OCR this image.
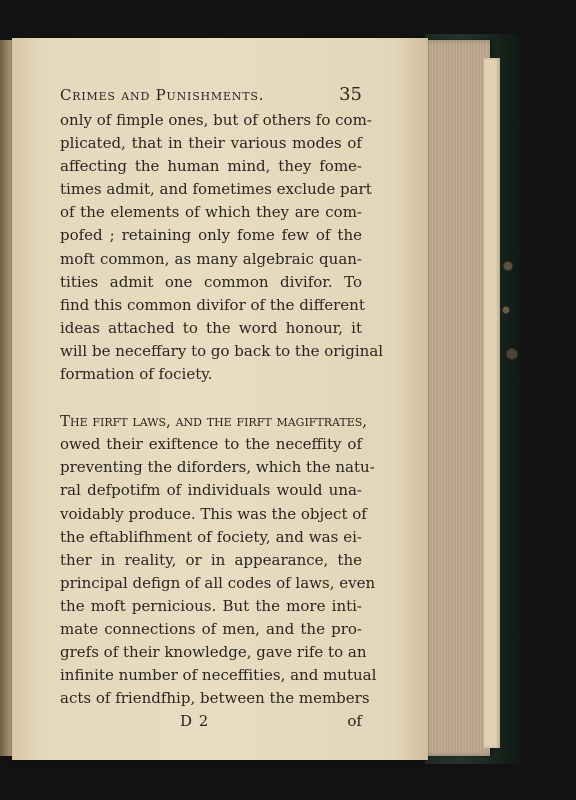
Crimes and Punishments.	35

only of fimple ones, but of others fo com-
plicated, that in their various modes of
affecting the human mind, they fome-
times admit, and fometimes exclude part
of the elements of which they are com-
pofed ; retaining only fome few of the
moft common, as many algebraic quan-
tities admit one common divifor. To
find this common divifor of the different
ideas attached to the word honour, it
will be neceffary to go back to the original
formation of fociety.

The firft laws, and the firft magiftrates,
owed their exiftence to the neceffity of
preventing the diforders, which the natu-
ral defpotifm of individuals would una-
voidably produce. This was the object of
the eftablifhment of fociety, and was ei-
ther in reality, or in appearance, the
principal defign of all codes of laws, even
the moft pernicious. But the more inti-
mate connections of men, and the pro-
grefs of their knowledge, gave rife to an
infinite number of neceffities, and mutual
acts of friendfhip, between the members

D 2	of
